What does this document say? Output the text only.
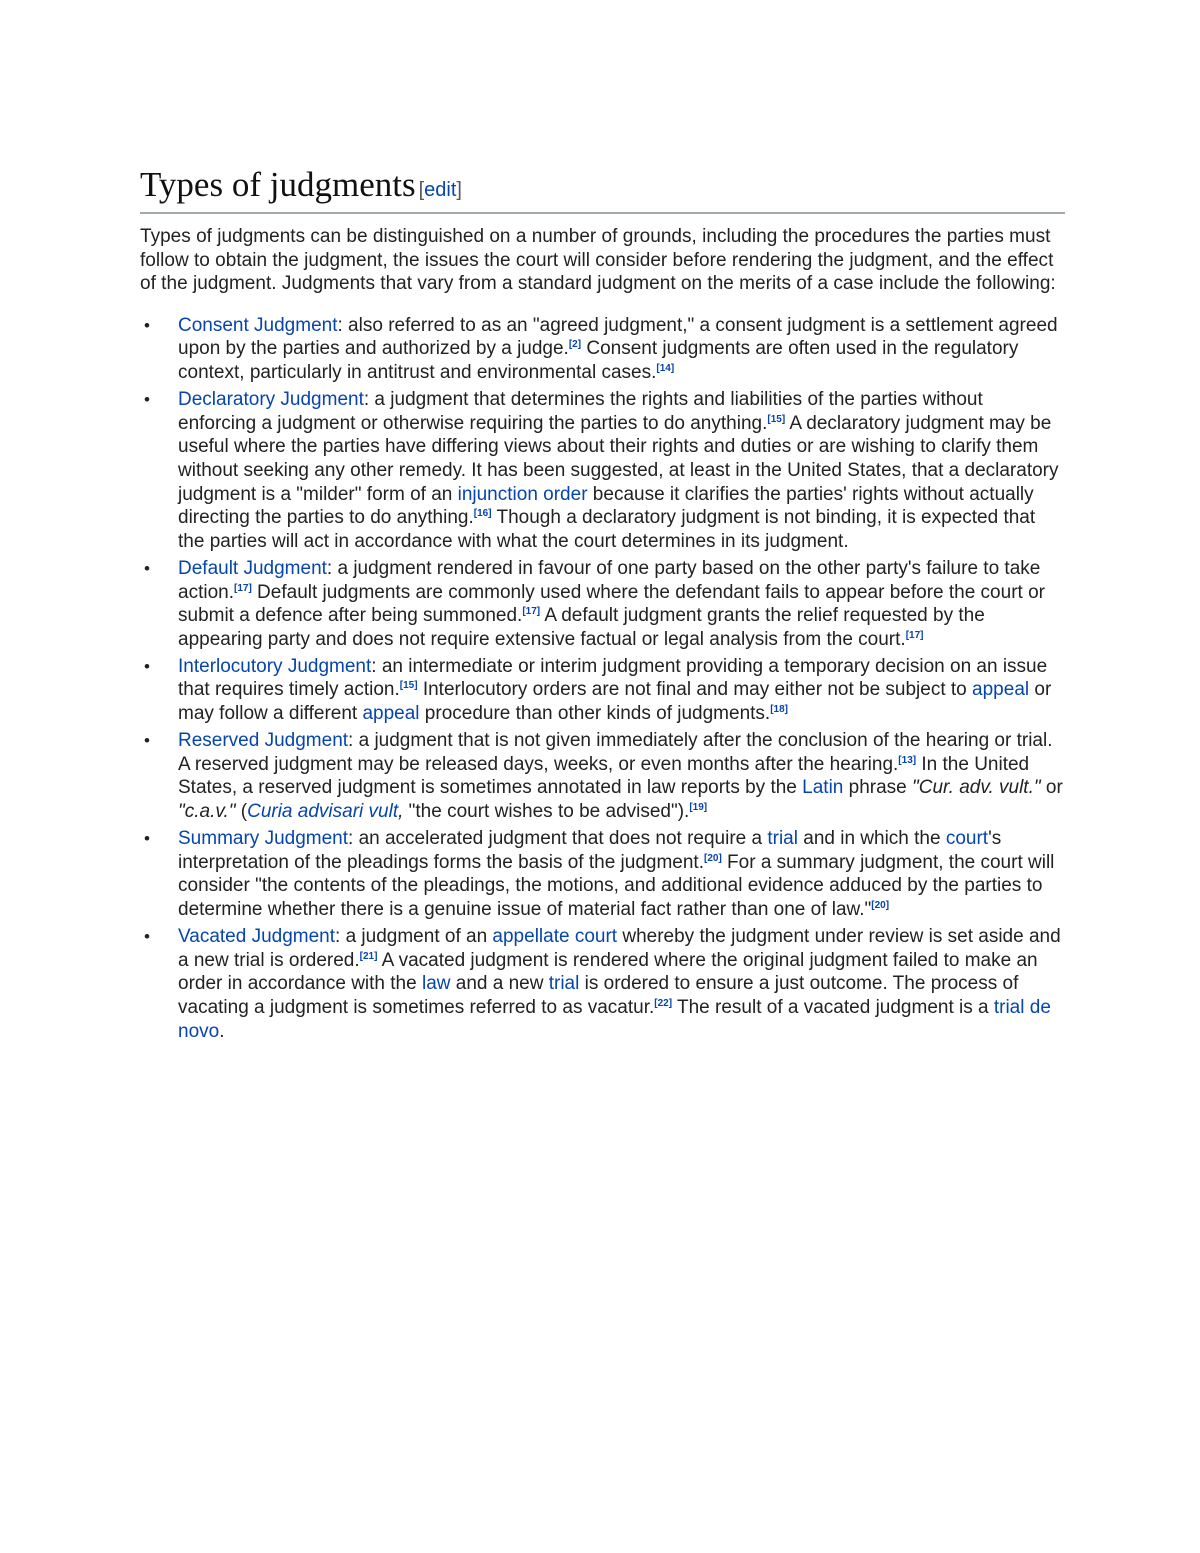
Types of judgments [edit]

Types of judgments can be distinguished on a number of grounds, including the procedures the parties must follow to obtain the judgment, the issues the court will consider before rendering the judgment, and the effect of the judgment. Judgments that vary from a standard judgment on the merits of a case include the following:

• Consent Judgment: also referred to as an "agreed judgment," a consent judgment is a settlement agreed upon by the parties and authorized by a judge.[2] Consent judgments are often used in the regulatory context, particularly in antitrust and environmental cases.[14]
• Declaratory Judgment: a judgment that determines the rights and liabilities of the parties without enforcing a judgment or otherwise requiring the parties to do anything.[15] A declaratory judgment may be useful where the parties have differing views about their rights and duties or are wishing to clarify them without seeking any other remedy. It has been suggested, at least in the United States, that a declaratory judgment is a "milder" form of an injunction order because it clarifies the parties' rights without actually directing the parties to do anything.[16] Though a declaratory judgment is not binding, it is expected that the parties will act in accordance with what the court determines in its judgment.
• Default Judgment: a judgment rendered in favour of one party based on the other party's failure to take action.[17] Default judgments are commonly used where the defendant fails to appear before the court or submit a defence after being summoned.[17] A default judgment grants the relief requested by the appearing party and does not require extensive factual or legal analysis from the court.[17]
• Interlocutory Judgment: an intermediate or interim judgment providing a temporary decision on an issue that requires timely action.[15] Interlocutory orders are not final and may either not be subject to appeal or may follow a different appeal procedure than other kinds of judgments.[18]
• Reserved Judgment: a judgment that is not given immediately after the conclusion of the hearing or trial. A reserved judgment may be released days, weeks, or even months after the hearing.[13] In the United States, a reserved judgment is sometimes annotated in law reports by the Latin phrase "Cur. adv. vult." or "c.a.v." (Curia advisari vult, "the court wishes to be advised").[19]
• Summary Judgment: an accelerated judgment that does not require a trial and in which the court's interpretation of the pleadings forms the basis of the judgment.[20] For a summary judgment, the court will consider "the contents of the pleadings, the motions, and additional evidence adduced by the parties to determine whether there is a genuine issue of material fact rather than one of law."[20]
• Vacated Judgment: a judgment of an appellate court whereby the judgment under review is set aside and a new trial is ordered.[21] A vacated judgment is rendered where the original judgment failed to make an order in accordance with the law and a new trial is ordered to ensure a just outcome. The process of vacating a judgment is sometimes referred to as vacatur.[22] The result of a vacated judgment is a trial de novo.
